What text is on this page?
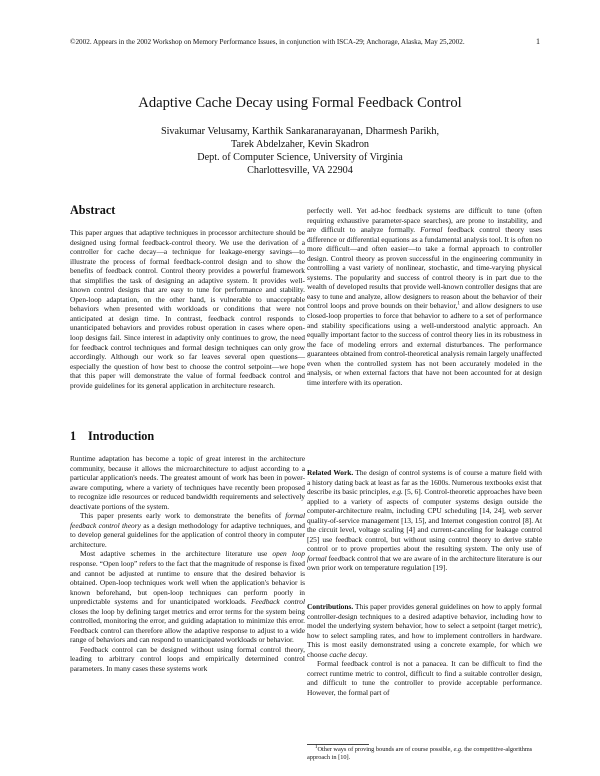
©2002. Appears in the 2002 Workshop on Memory Performance Issues, in conjunction with ISCA-29; Anchorage, Alaska, May 25,2002.	1
Adaptive Cache Decay using Formal Feedback Control
Sivakumar Velusamy, Karthik Sankaranarayanan, Dharmesh Parikh,
Tarek Abdelzaher, Kevin Skadron
Dept. of Computer Science, University of Virginia
Charlottesville, VA 22904
Abstract

This paper argues that adaptive techniques in processor architecture should be designed using formal feedback-control theory. We use the derivation of a controller for cache decay—a technique for leakage-energy savings—to illustrate the process of formal feedback-control design and to show the benefits of feedback control. Control theory provides a powerful framework that simplifies the task of designing an adaptive system. It provides well-known control designs that are easy to tune for performance and stability. Open-loop adaptation, on the other hand, is vulnerable to unacceptable behaviors when presented with workloads or conditions that were not anticipated at design time. In contrast, feedback control responds to unanticipated behaviors and provides robust operation in cases where open-loop designs fail. Since interest in adaptivity only continues to grow, the need for feedback control techniques and formal design techniques can only grow accordingly. Although our work so far leaves several open questions—especially the question of how best to choose the control setpoint—we hope that this paper will demonstrate the value of formal feedback control and provide guidelines for its general application in architecture research.

1 Introduction

Runtime adaptation has become a topic of great interest in the architecture community, because it allows the microarchitecture to adjust according to a particular application's needs. The greatest amount of work has been in power-aware computing, where a variety of techniques have recently been proposed to recognize idle resources or reduced bandwidth requirements and selectively deactivate portions of the system.

This paper presents early work to demonstrate the benefits of formal feedback control theory as a design methodology for adaptive techniques, and to develop general guidelines for the application of control theory in computer architecture.

Most adaptive schemes in the architecture literature use open loop response. “Open loop” refers to the fact that the magnitude of response is fixed and cannot be adjusted at runtime to ensure that the desired behavior is obtained. Open-loop techniques work well when the application's behavior is known beforehand, but open-loop techniques can perform poorly in unpredictable systems and for unanticipated workloads. Feedback control closes the loop by defining target metrics and error terms for the system being controlled, monitoring the error, and guiding adaptation to minimize this error. Feedback control can therefore allow the adaptive response to adjust to a wide range of behaviors and can respond to unanticipated workloads or behavior.

Feedback control can be designed without using formal control theory, leading to arbitrary control loops and empirically determined control parameters. In many cases these systems work

perfectly well. Yet ad-hoc feedback systems are difficult to tune (often requiring exhaustive parameter-space searches), are prone to instability, and are difficult to analyze formally. Formal feedback control theory uses difference or differential equations as a fundamental analysis tool. It is often no more difficult—and often easier—to take a formal approach to controller design. Control theory as proven successful in the engineering community in controlling a vast variety of nonlinear, stochastic, and time-varying physical systems. The popularity and success of control theory is in part due to the wealth of developed results that provide well-known controller designs that are easy to tune and analyze, allow designers to reason about the behavior of their control loops and prove bounds on their behavior,$^1$ and allow designers to use closed-loop properties to force that behavior to adhere to a set of performance and stability specifications using a well-understood analytic approach. An equally important factor to the success of control theory lies in its robustness in the face of modeling errors and external disturbances. The performance guarantees obtained from control-theoretical analysis remain largely unaffected even when the controlled system has not been accurately modeled in the analysis, or when external factors that have not been accounted for at design time interfere with its operation.

Related Work. The design of control systems is of course a mature field with a history dating back at least as far as the 1600s. Numerous textbooks exist that describe its basic principles, e.g. [5, 6]. Control-theoretic approaches have been applied to a variety of aspects of computer systems design outside the computer-architecture realm, including CPU scheduling [14, 24], web server quality-of-service management [13, 15], and Internet congestion control [8]. At the circuit level, voltage scaling [4] and current-canceling for leakage control [25] use feedback control, but without using control theory to derive stable control or to prove properties about the resulting system. The only use of formal feedback control that we are aware of in the architecture literature is our own prior work on temperature regulation [19].

Contributions. This paper provides general guidelines on how to apply formal controller-design techniques to a desired adaptive behavior, including how to model the underlying system behavior, how to select a setpoint (target metric), how to select sampling rates, and how to implement controllers in hardware. This is most easily demonstrated using a concrete example, for which we choose cache decay.

Formal feedback control is not a panacea. It can be difficult to find the correct runtime metric to control, difficult to find a suitable controller design, and difficult to tune the controller to provide acceptable performance. However, the formal part of

$^1$Other ways of proving bounds are of course possible, e.g. the competitive-algorithms approach in [10].
